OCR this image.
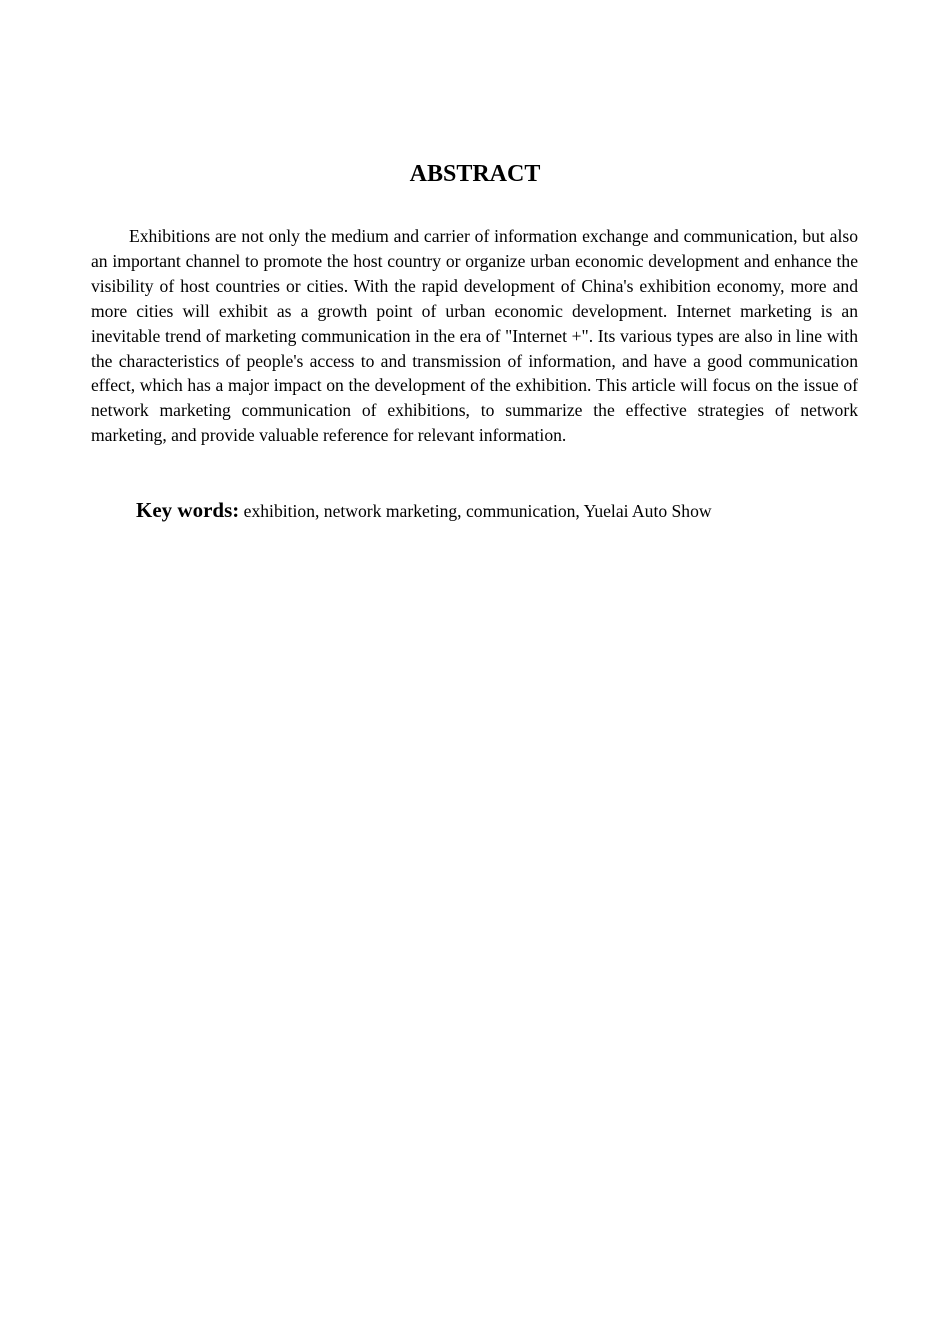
ABSTRACT

Exhibitions are not only the medium and carrier of information exchange and communication, but also an important channel to promote the host country or organize urban economic development and enhance the visibility of host countries or cities. With the rapid development of China's exhibition economy, more and more cities will exhibit as a growth point of urban economic development. Internet marketing is an inevitable trend of marketing communication in the era of "Internet +". Its various types are also in line with the characteristics of people's access to and transmission of information, and have a good communication effect, which has a major impact on the development of the exhibition. This article will focus on the issue of network marketing communication of exhibitions, to summarize the effective strategies of network marketing, and provide valuable reference for relevant information.

Key words: exhibition, network marketing, communication, Yuelai Auto Show
